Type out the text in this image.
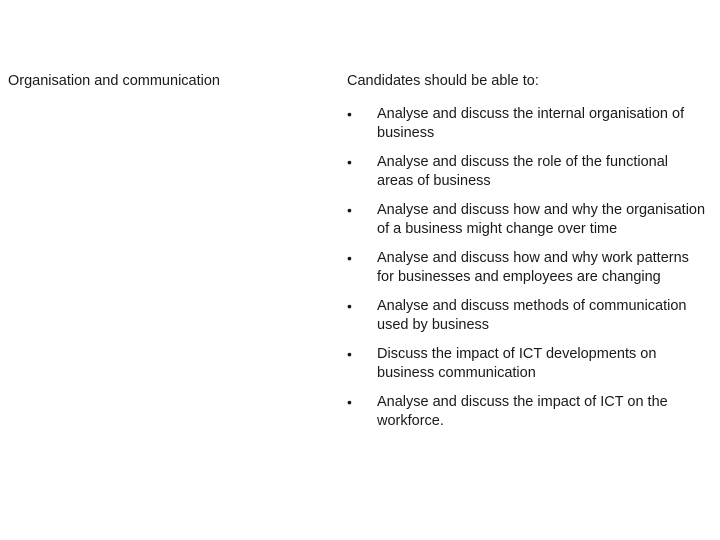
Organisation and communication	Candidates should be able to:
•	Analyse and discuss the internal organisation of business
•	Analyse and discuss the role of the functional areas of business
•	Analyse and discuss how and why the organisation of a business might change over time
•	Analyse and discuss how and why work patterns for businesses and employees are changing
•	Analyse and discuss methods of communication used by business
•	Discuss the impact of ICT developments on business communication
•	Analyse and discuss the impact of ICT on the workforce.
